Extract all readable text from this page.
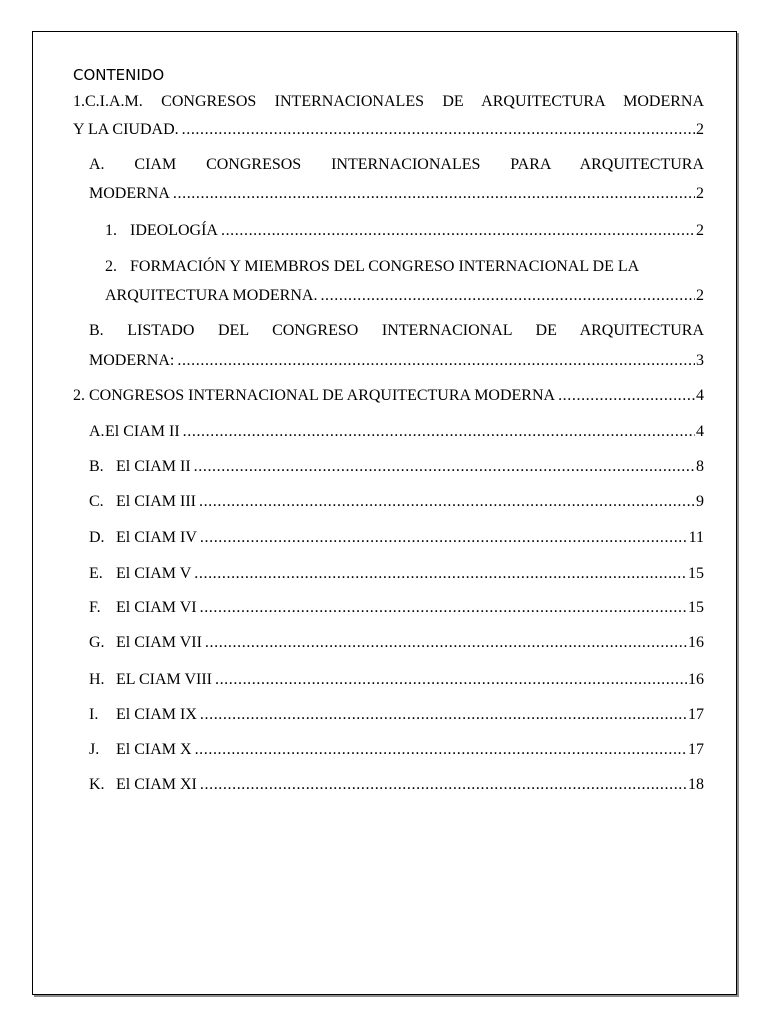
CONTENIDO
1.C.I.A.M. CONGRESOS INTERNACIONALES DE ARQUITECTURA MODERNA
Y LA CIUDAD. .....	2
A. CIAM CONGRESOS INTERNACIONALES PARA ARQUITECTURA
MODERNA .....	2
1. IDEOLOGÍA .....	2
2. FORMACIÓN Y MIEMBROS DEL CONGRESO INTERNACIONAL DE LA
ARQUITECTURA MODERNA. .....	2
B. LISTADO DEL CONGRESO INTERNACIONAL DE ARQUITECTURA
MODERNA: .....	3
2. CONGRESOS INTERNACIONAL DE ARQUITECTURA MODERNA .....	4
A. El CIAM II .....	4
B. El CIAM II .....	8
C. El CIAM III .....	9
D. El CIAM IV .....	11
E. El CIAM V .....	15
F. El CIAM VI .....	15
G. El CIAM VII .....	16
H. EL CIAM VIII .....	16
I.	El CIAM IX .....	17
J.	El CIAM X .....	17
K. El CIAM XI .....	18
